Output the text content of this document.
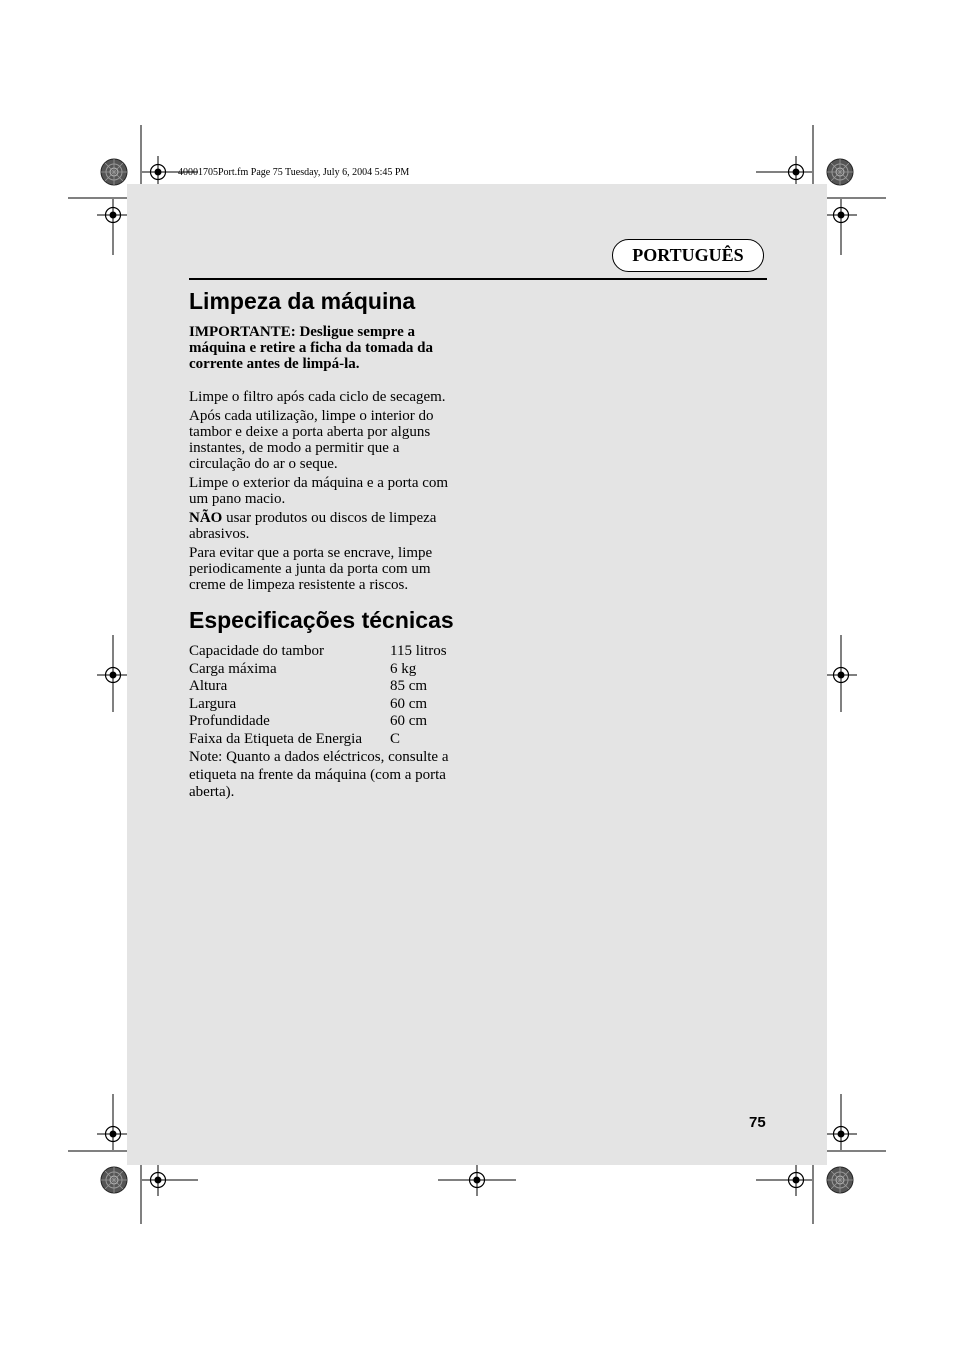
40001705Port.fm Page 75 Tuesday, July 6, 2004 5:45 PM
PORTUGUÊS
Limpeza da máquina
IMPORTANTE: Desligue sempre a
máquina e retire a ficha da tomada da
corrente antes de limpá-la.
Limpe o filtro após cada ciclo de secagem.
Após cada utilização, limpe o interior do
tambor e deixe a porta aberta por alguns
instantes, de modo a permitir que a
circulação do ar o seque.
Limpe o exterior da máquina e a porta com
um pano macio.
NÃO usar produtos ou discos de limpeza
abrasivos.
Para evitar que a porta se encrave, limpe
periodicamente a junta da porta com um
creme de limpeza resistente a riscos.
Especificações técnicas
Capacidade do tambor	115 litros
Carga máxima	6 kg
Altura	85 cm
Largura	60 cm
Profundidade	60 cm
Faixa da Etiqueta de Energia	C
Note: Quanto a dados eléctricos, consulte a
etiqueta na frente da máquina (com a porta
aberta).
75
